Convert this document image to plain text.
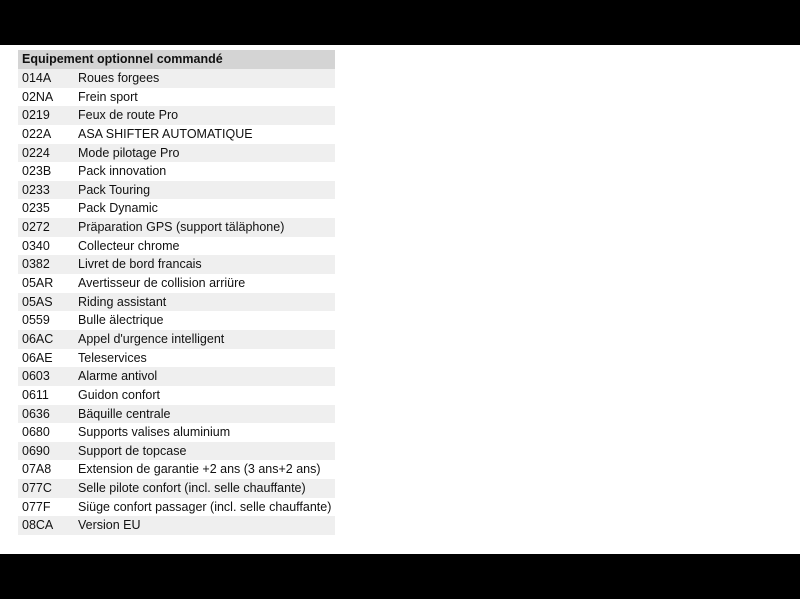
Equipement optionnel commandé
014A	Roues forgees
02NA	Frein sport
0219	Feux de route Pro
022A	ASA SHIFTER AUTOMATIQUE
0224	Mode pilotage Pro
023B	Pack innovation
0233	Pack Touring
0235	Pack Dynamic
0272	Präparation GPS (support täläphone)
0340	Collecteur chrome
0382	Livret de bord francais
05AR	Avertisseur de collision arriüre
05AS	Riding assistant
0559	Bulle älectrique
06AC	Appel d'urgence intelligent
06AE	Teleservices
0603	Alarme antivol
0611	Guidon confort
0636	Bäquille centrale
0680	Supports valises aluminium
0690	Support de topcase
07A8	Extension de garantie +2 ans (3 ans+2 ans)
077C	Selle pilote confort (incl. selle chauffante)
077F	Siüge confort passager (incl. selle chauffante)
08CA	Version EU
